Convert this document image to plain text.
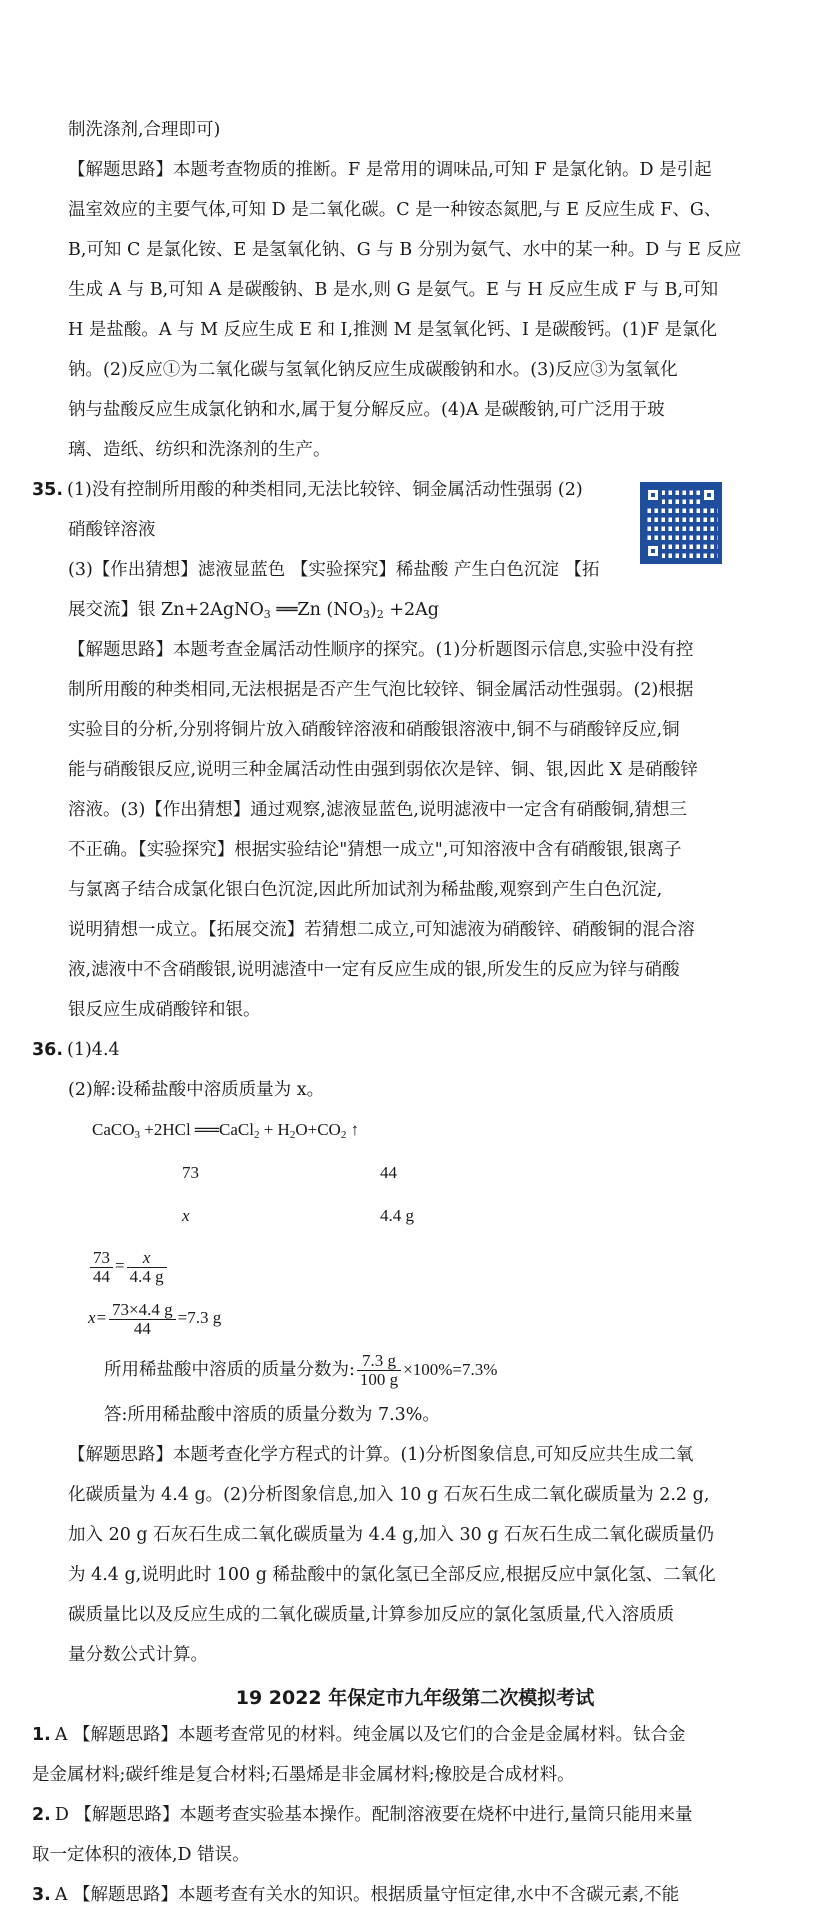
制洗涤剂,合理即可)
【解题思路】本题考查物质的推断。F 是常用的调味品,可知 F 是氯化钠。D 是引起
温室效应的主要气体,可知 D 是二氧化碳。C 是一种铵态氮肥,与 E 反应生成 F、G、
B,可知 C 是氯化铵、E 是氢氧化钠、G 与 B 分别为氨气、水中的某一种。D 与 E 反应
生成 A 与 B,可知 A 是碳酸钠、B 是水,则 G 是氨气。E 与 H 反应生成 F 与 B,可知
H 是盐酸。A 与 M 反应生成 E 和 I,推测 M 是氢氧化钙、I 是碳酸钙。(1)F 是氯化
钠。(2)反应①为二氧化碳与氢氧化钠反应生成碳酸钠和水。(3)反应③为氢氧化
钠与盐酸反应生成氯化钠和水,属于复分解反应。(4)A 是碳酸钠,可广泛用于玻
璃、造纸、纺织和洗涤剂的生产。
35. (1)没有控制所用酸的种类相同,无法比较锌、铜金属活动性强弱 (2)
硝酸锌溶液
(3)【作出猜想】滤液显蓝色 【实验探究】稀盐酸 产生白色沉淀 【拓
展交流】银 Zn+2AgNO$_3$ ══Zn $(NO_3)_2 +2Ag$
【解题思路】本题考查金属活动性顺序的探究。(1)分析题图示信息,实验中没有控
制所用酸的种类相同,无法根据是否产生气泡比较锌、铜金属活动性强弱。(2)根据
实验目的分析,分别将铜片放入硝酸锌溶液和硝酸银溶液中,铜不与硝酸锌反应,铜
能与硝酸银反应,说明三种金属活动性由强到弱依次是锌、铜、银,因此 X 是硝酸锌
溶液。(3)【作出猜想】通过观察,滤液显蓝色,说明滤液中一定含有硝酸铜,猜想三
不正确。【实验探究】根据实验结论"猜想一成立",可知溶液中含有硝酸银,银离子
与氯离子结合成氯化银白色沉淀,因此所加试剂为稀盐酸,观察到产生白色沉淀,
说明猜想一成立。【拓展交流】若猜想二成立,可知滤液为硝酸锌、硝酸铜的混合溶
液,滤液中不含硝酸银,说明滤渣中一定有反应生成的银,所发生的反应为锌与硝酸
银反应生成硝酸锌和银。
36. (1)4.4
(2)解:设稀盐酸中溶质质量为 x。
CaCO$_3$ +2HCl ══CaCl$_2$ + $H_2O+CO_2$ ↑
73	44
x	4.4 g
$\frac{73}{44} = \frac{x}{4.4 g}$
$x= \frac{73\times 4.4 g}{44} =7.3$ g
所用稀盐酸中溶质的质量分数为: $\frac{7.3 g}{100 g} \times 100\%=7.3\%$
答:所用稀盐酸中溶质的质量分数为 7.3%。
【解题思路】本题考查化学方程式的计算。(1)分析图象信息,可知反应共生成二氧
化碳质量为 4.4 g。(2)分析图象信息,加入 10 g 石灰石生成二氧化碳质量为 2.2 g,
加入 20 g 石灰石生成二氧化碳质量为 4.4 g,加入 30 g 石灰石生成二氧化碳质量仍
为 4.4 g,说明此时 100 g 稀盐酸中的氯化氢已全部反应,根据反应中氯化氢、二氧化
碳质量比以及反应生成的二氧化碳质量,计算参加反应的氯化氢质量,代入溶质质
量分数公式计算。
19 2022 年保定市九年级第二次模拟考试
1. A 【解题思路】本题考查常见的材料。纯金属以及它们的合金是金属材料。钛合金
是金属材料;碳纤维是复合材料;石墨烯是非金属材料;橡胶是合成材料。
2. D 【解题思路】本题考查实验基本操作。配制溶液要在烧杯中进行,量筒只能用来量
取一定体积的液体,D 错误。
3. A 【解题思路】本题考查有关水的知识。根据质量守恒定律,水中不含碳元素,不能
